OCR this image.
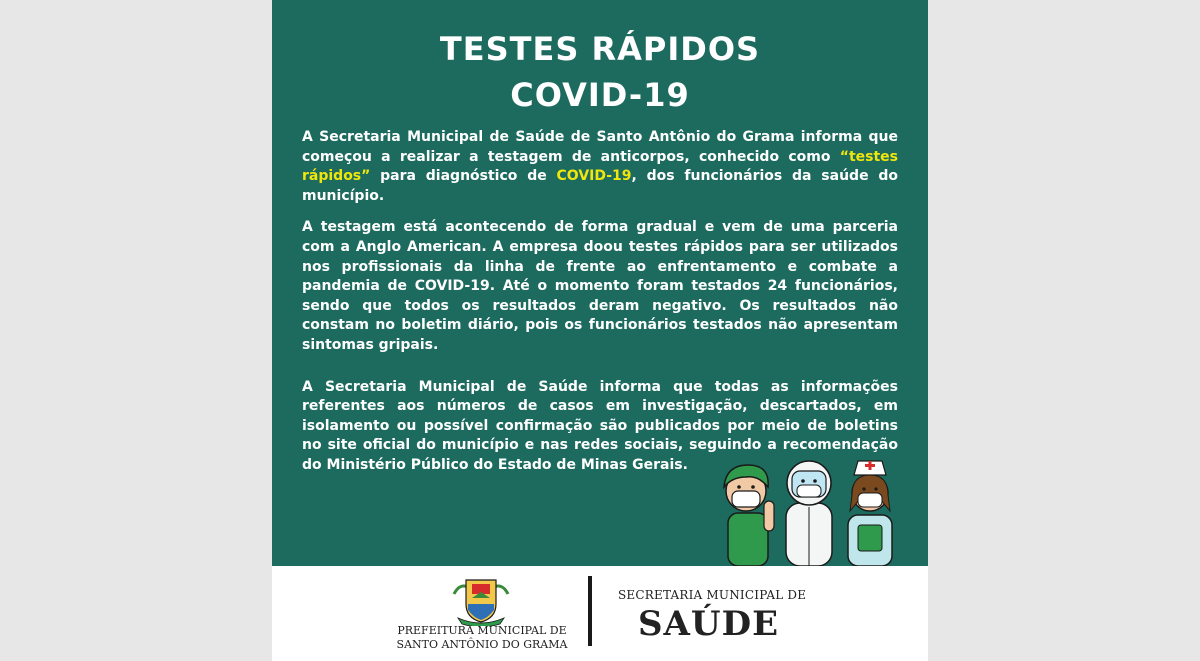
TESTES RÁPIDOS
COVID-19

A Secretaria Municipal de Saúde de Santo Antônio do Grama informa que começou a realizar a testagem de anticorpos, conhecido como “testes rápidos” para diagnóstico de COVID-19, dos funcionários da saúde do município.

A testagem está acontecendo de forma gradual e vem de uma parceria com a Anglo American. A empresa doou testes rápidos para ser utilizados nos profissionais da linha de frente ao enfrentamento e combate a pandemia de COVID-19. Até o momento foram testados 24 funcionários, sendo que todos os resultados deram negativo. Os resultados não constam no boletim diário, pois os funcionários testados não apresentam sintomas gripais.

A Secretaria Municipal de Saúde informa que todas as informações referentes aos números de casos em investigação, descartados, em isolamento ou possível confirmação são publicados por meio de boletins no site oficial do município e nas redes sociais, seguindo a recomendação do Ministério Público do Estado de Minas Gerais.

PREFEITURA MUNICIPAL DE
SANTO ANTÔNIO DO GRAMA
SECRETARIA MUNICIPAL DE
SAÚDE
